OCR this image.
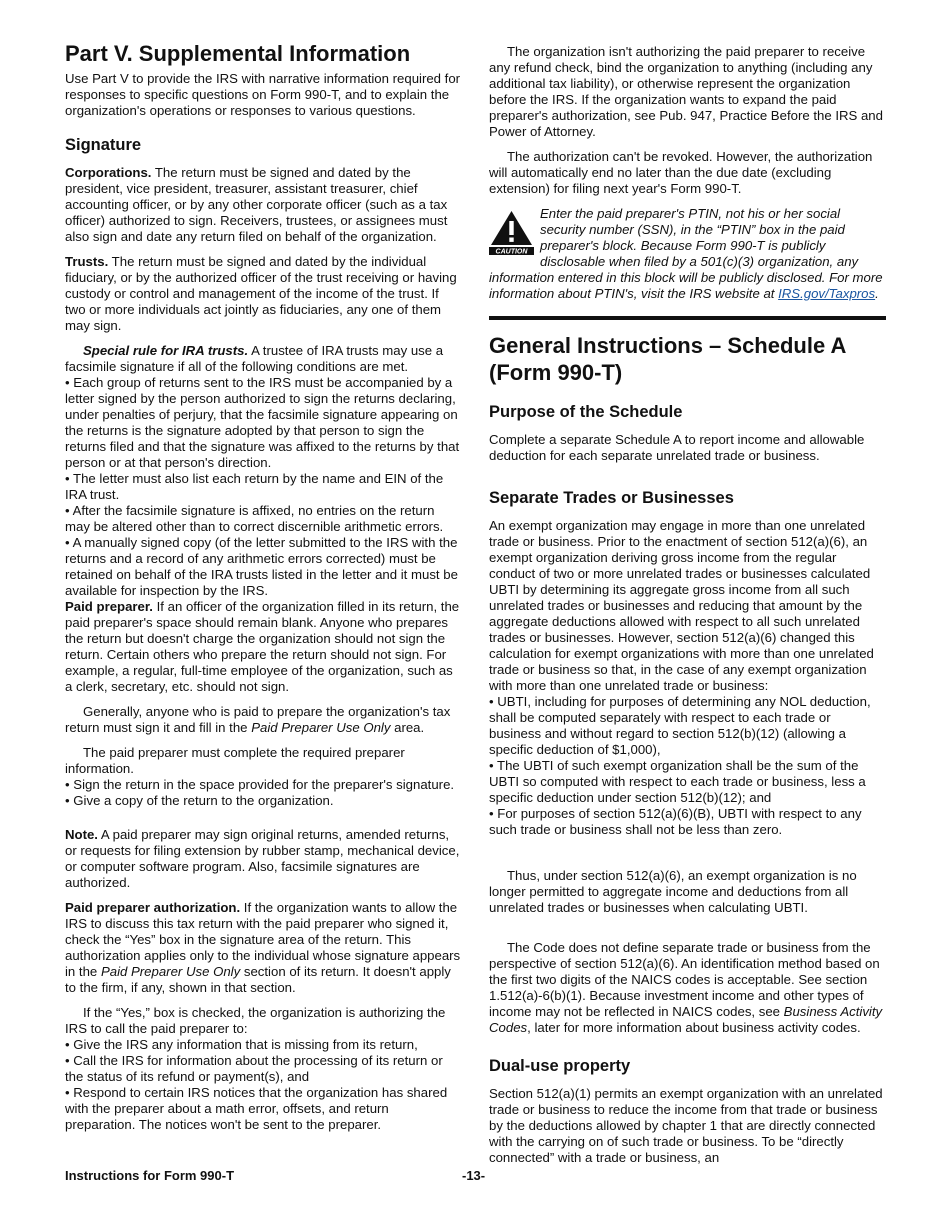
Part V. Supplemental Information

Use Part V to provide the IRS with narrative information required for responses to specific questions on Form 990-T, and to explain the organization's operations or responses to various questions.

Signature

Corporations. The return must be signed and dated by the president, vice president, treasurer, assistant treasurer, chief accounting officer, or by any other corporate officer (such as a tax officer) authorized to sign. Receivers, trustees, or assignees must also sign and date any return filed on behalf of the organization.

Trusts. The return must be signed and dated by the individual fiduciary, or by the authorized officer of the trust receiving or having custody or control and management of the income of the trust. If two or more individuals act jointly as fiduciaries, any one of them may sign.

Special rule for IRA trusts. A trustee of IRA trusts may use a facsimile signature if all of the following conditions are met.

• Each group of returns sent to the IRS must be accompanied by a letter signed by the person authorized to sign the returns declaring, under penalties of perjury, that the facsimile signature appearing on the returns is the signature adopted by that person to sign the returns filed and that the signature was affixed to the returns by that person or at that person's direction.

• The letter must also list each return by the name and EIN of the IRA trust.

• After the facsimile signature is affixed, no entries on the return may be altered other than to correct discernible arithmetic errors.

• A manually signed copy (of the letter submitted to the IRS with the returns and a record of any arithmetic errors corrected) must be retained on behalf of the IRA trusts listed in the letter and it must be available for inspection by the IRS.

Paid preparer. If an officer of the organization filled in its return, the paid preparer's space should remain blank. Anyone who prepares the return but doesn't charge the organization should not sign the return. Certain others who prepare the return should not sign. For example, a regular, full-time employee of the organization, such as a clerk, secretary, etc. should not sign.

Generally, anyone who is paid to prepare the organization's tax return must sign it and fill in the Paid Preparer Use Only area.

The paid preparer must complete the required preparer information.

• Sign the return in the space provided for the preparer's signature.

• Give a copy of the return to the organization.

Note. A paid preparer may sign original returns, amended returns, or requests for filing extension by rubber stamp, mechanical device, or computer software program. Also, facsimile signatures are authorized.

Paid preparer authorization. If the organization wants to allow the IRS to discuss this tax return with the paid preparer who signed it, check the “Yes” box in the signature area of the return. This authorization applies only to the individual whose signature appears in the Paid Preparer Use Only section of its return. It doesn't apply to the firm, if any, shown in that section.

If the “Yes,” box is checked, the organization is authorizing the IRS to call the paid preparer to:

• Give the IRS any information that is missing from its return,

• Call the IRS for information about the processing of its return or the status of its refund or payment(s), and

• Respond to certain IRS notices that the organization has shared with the preparer about a math error, offsets, and return preparation. The notices won't be sent to the preparer.

The organization isn't authorizing the paid preparer to receive any refund check, bind the organization to anything (including any additional tax liability), or otherwise represent the organization before the IRS. If the organization wants to expand the paid preparer's authorization, see Pub. 947, Practice Before the IRS and Power of Attorney.

The authorization can't be revoked. However, the authorization will automatically end no later than the due date (excluding extension) for filing next year's Form 990-T.

CAUTION
Enter the paid preparer's PTIN, not his or her social security number (SSN), in the “PTIN” box in the paid preparer's block. Because Form 990-T is publicly disclosable when filed by a 501(c)(3) organization, any information entered in this block will be publicly disclosed. For more information about PTIN's, visit the IRS website at IRS.gov/Taxpros.
General Instructions – Schedule A (Form 990-T)
Purpose of the Schedule

Complete a separate Schedule A to report income and allowable deduction for each separate unrelated trade or business.

Separate Trades or Businesses

An exempt organization may engage in more than one unrelated trade or business. Prior to the enactment of section 512(a)(6), an exempt organization deriving gross income from the regular conduct of two or more unrelated trades or businesses calculated UBTI by determining its aggregate gross income from all such unrelated trades or businesses and reducing that amount by the aggregate deductions allowed with respect to all such unrelated trades or businesses. However, section 512(a)(6) changed this calculation for exempt organizations with more than one unrelated trade or business so that, in the case of any exempt organization with more than one unrelated trade or business:

• UBTI, including for purposes of determining any NOL deduction, shall be computed separately with respect to each trade or business and without regard to section 512(b)(12) (allowing a specific deduction of $1,000),

• The UBTI of such exempt organization shall be the sum of the UBTI so computed with respect to each trade or business, less a specific deduction under section 512(b)(12); and

• For purposes of section 512(a)(6)(B), UBTI with respect to any such trade or business shall not be less than zero.

Thus, under section 512(a)(6), an exempt organization is no longer permitted to aggregate income and deductions from all unrelated trades or businesses when calculating UBTI.

The Code does not define separate trade or business from the perspective of section 512(a)(6). An identification method based on the first two digits of the NAICS codes is acceptable. See section 1.512(a)-6(b)(1). Because investment income and other types of income may not be reflected in NAICS codes, see Business Activity Codes, later for more information about business activity codes.

Dual-use property

Section 512(a)(1) permits an exempt organization with an unrelated trade or business to reduce the income from that trade or business by the deductions allowed by chapter 1 that are directly connected with the carrying on of such trade or business. To be “directly connected” with a trade or business, an

Instructions for Form 990-T	-13-
